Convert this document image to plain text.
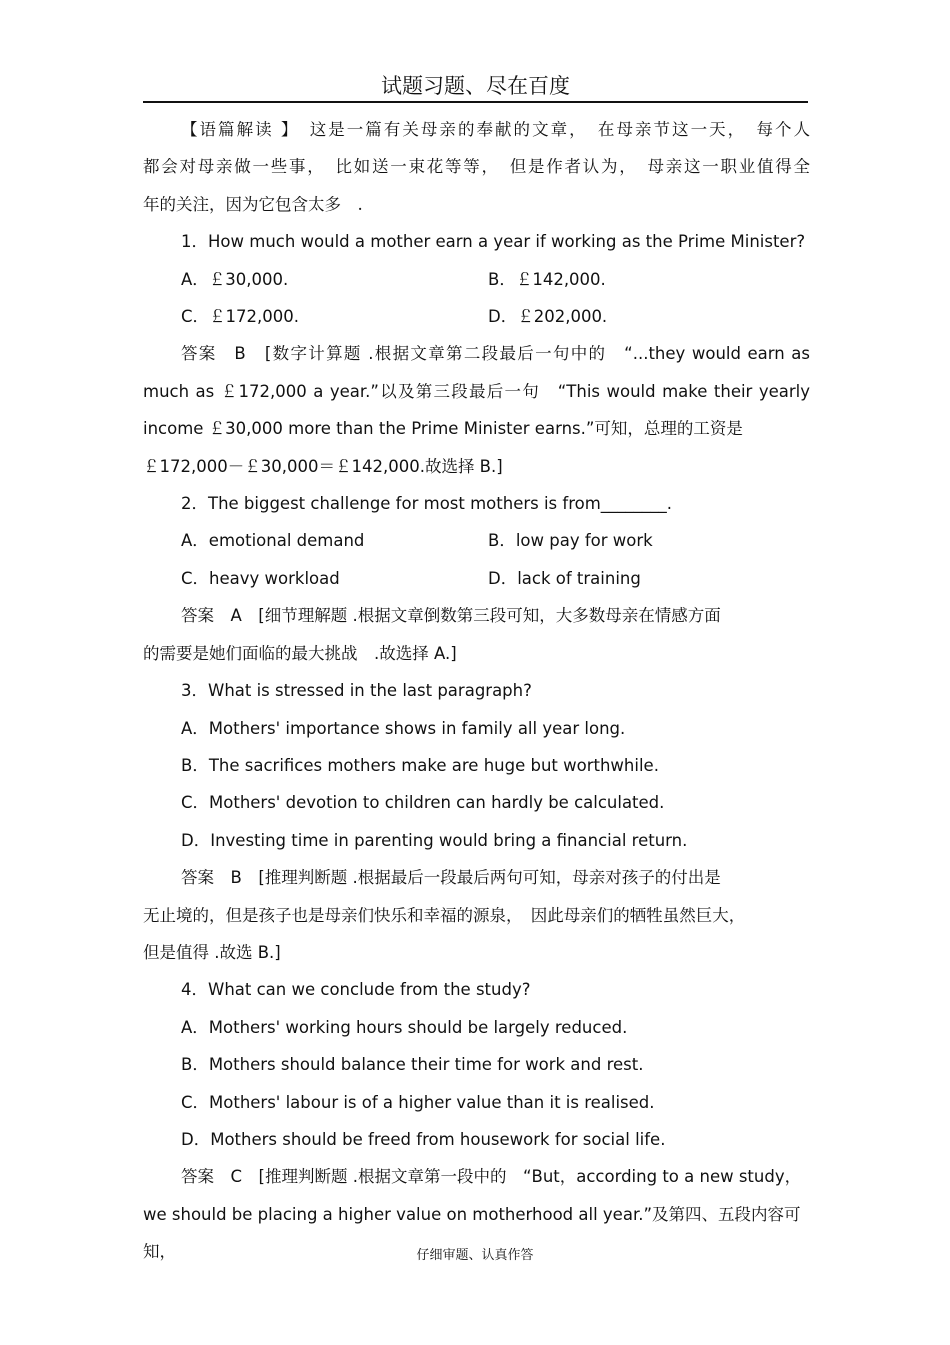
试题习题、尽在百度

【语篇解读 】　这是一篇有关母亲的奉献的文章，　在母亲节这一天，　每个人

都会对母亲做一些事，　比如送一束花等等，　但是作者认为，　母亲这一职业值得全

年的关注，因为它包含太多　.

1．How much would a mother earn a year if working as the Prime Minister?

A．￡30,000.	B．￡142,000.
C．￡172,000.	D．￡202,000.

答案　B　[数字计算题 .根据文章第二段最后一句中的　“...they would earn as

much as ￡172,000 a year.”以及第三段最后一句　“This would make their yearly

income ￡30,000 more than the Prime Minister earns.”可知，总理的工资是

￡172,000－￡30,000＝￡142,000.故选择 B.]

2．The biggest challenge for most mothers is from________.

A．emotional demand	B．low pay for work
C．heavy workload	D．lack of training

答案　A　[细节理解题 .根据文章倒数第三段可知，大多数母亲在情感方面

的需要是她们面临的最大挑战　.故选择 A.]

3．What is stressed in the last paragraph?

A．Mothers' importance shows in family all year long.

B．The sacrifices mothers make are huge but worthwhile.

C．Mothers' devotion to children can hardly be calculated.

D．Investing time in parenting would bring a financial return.

答案　B　[推理判断题 .根据最后一段最后两句可知，母亲对孩子的付出是

无止境的，但是孩子也是母亲们快乐和幸福的源泉，　因此母亲们的牺牲虽然巨大，

但是值得 .故选 B.]

4．What can we conclude from the study?

A．Mothers' working hours should be largely reduced.

B．Mothers should balance their time for work and rest.

C．Mothers' labour is of a higher value than it is realised.

D．Mothers should be freed from housework for social life.

答案　C　[推理判断题 .根据文章第一段中的　“But，according to a new study，

we should be placing a higher value on motherhood all year.”及第四、五段内容可知，	仔细审题、认真作答
